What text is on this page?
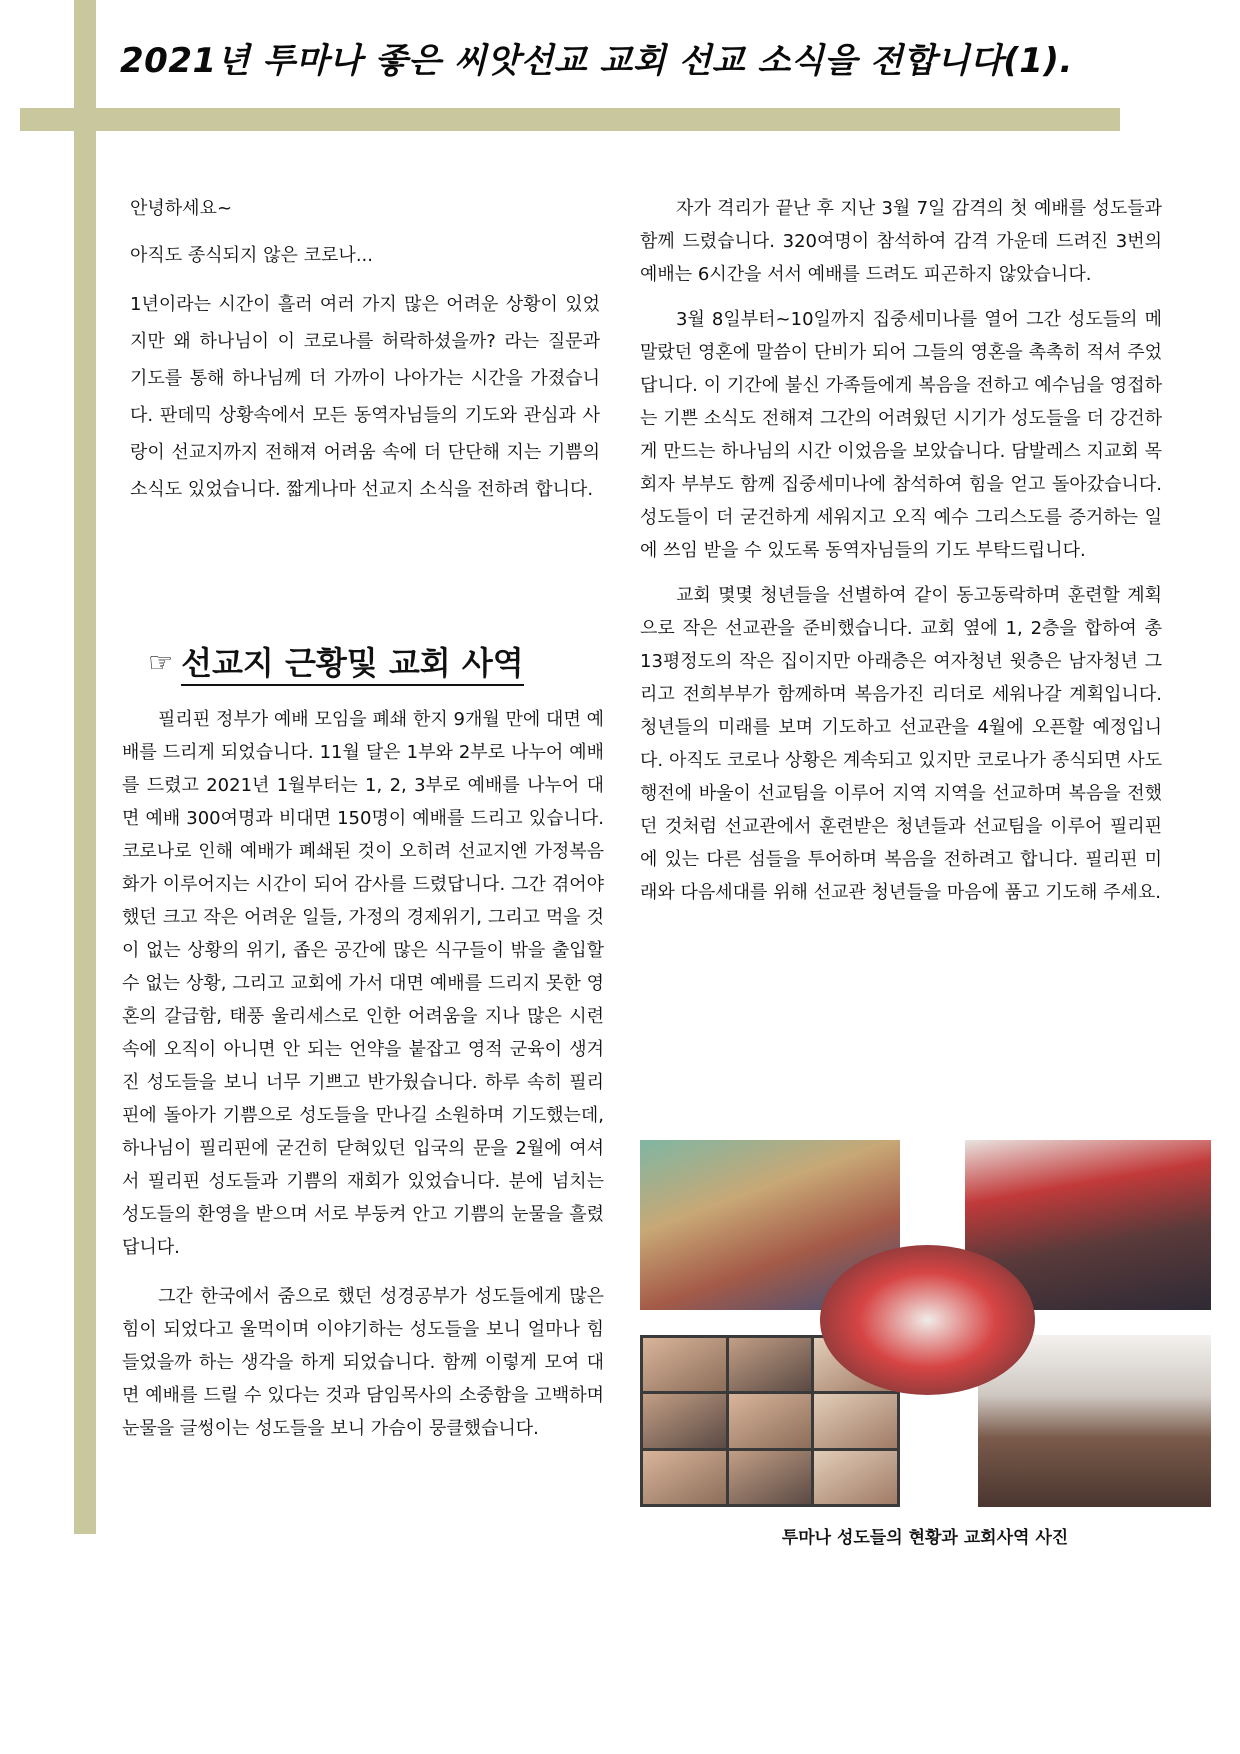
2021년 투마나 좋은 씨앗선교 교회 선교 소식을 전합니다(1).

안녕하세요~

아직도 종식되지 않은 코로나...

1년이라는 시간이 흘러 여러 가지 많은 어려운 상황이 있었지만 왜 하나님이 이 코로나를 허락하셨을까? 라는 질문과 기도를 통해 하나님께 더 가까이 나아가는 시간을 가졌습니다. 판데믹 상황속에서 모든 동역자님들의 기도와 관심과 사랑이 선교지까지 전해져 어려움 속에 더 단단해 지는 기쁨의 소식도 있었습니다. 짧게나마 선교지 소식을 전하려 합니다.

☞ 선교지 근황및 교회 사역

필리핀 정부가 예배 모임을 폐쇄 한지 9개월 만에 대면 예배를 드리게 되었습니다. 11월 달은 1부와 2부로 나누어 예배를 드렸고 2021년 1월부터는 1, 2, 3부로 예배를 나누어 대면 예배 300여명과 비대면 150명이 예배를 드리고 있습니다. 코로나로 인해 예배가 폐쇄된 것이 오히려 선교지엔 가정복음화가 이루어지는 시간이 되어 감사를 드렸답니다. 그간 겪어야 했던 크고 작은 어려운 일들, 가정의 경제위기, 그리고 먹을 것이 없는 상황의 위기, 좁은 공간에 많은 식구들이 밖을 출입할 수 없는 상황, 그리고 교회에 가서 대면 예배를 드리지 못한 영혼의 갈급함, 태풍 울리세스로 인한 어려움을 지나 많은 시련 속에 오직이 아니면 안 되는 언약을 붙잡고 영적 군육이 생겨진 성도들을 보니 너무 기쁘고 반가웠습니다. 하루 속히 필리핀에 돌아가 기쁨으로 성도들을 만나길 소원하며 기도했는데, 하나님이 필리핀에 굳건히 닫혀있던 입국의 문을 2월에 여셔서 필리핀 성도들과 기쁨의 재회가 있었습니다. 분에 넘치는 성도들의 환영을 받으며 서로 부둥켜 안고 기쁨의 눈물을 흘렸답니다.

그간 한국에서 줌으로 했던 성경공부가 성도들에게 많은 힘이 되었다고 울먹이며 이야기하는 성도들을 보니 얼마나 힘들었을까 하는 생각을 하게 되었습니다. 함께 이렇게 모여 대면 예배를 드릴 수 있다는 것과 담임목사의 소중함을 고백하며 눈물을 글썽이는 성도들을 보니 가슴이 뭉클했습니다.

자가 격리가 끝난 후 지난 3월 7일 감격의 첫 예배를 성도들과 함께 드렸습니다. 320여명이 참석하여 감격 가운데 드려진 3번의 예배는 6시간을 서서 예배를 드려도 피곤하지 않았습니다.

3월 8일부터~10일까지 집중세미나를 열어 그간 성도들의 메말랐던 영혼에 말씀이 단비가 되어 그들의 영혼을 촉촉히 적셔 주었답니다. 이 기간에 불신 가족들에게 복음을 전하고 예수님을 영접하는 기쁜 소식도 전해져 그간의 어려웠던 시기가 성도들을 더 강건하게 만드는 하나님의 시간 이었음을 보았습니다. 담발레스 지교회 목회자 부부도 함께 집중세미나에 참석하여 힘을 얻고 돌아갔습니다. 성도들이 더 굳건하게 세워지고 오직 예수 그리스도를 증거하는 일에 쓰임 받을 수 있도록 동역자님들의 기도 부탁드립니다.

교회 몇몇 청년들을 선별하여 같이 동고동락하며 훈련할 계획으로 작은 선교관을 준비했습니다. 교회 옆에 1, 2층을 합하여 총 13평정도의 작은 집이지만 아래층은 여자청년 윗층은 남자청년 그리고 전희부부가 함께하며 복음가진 리더로 세워나갈 계획입니다. 청년들의 미래를 보며 기도하고 선교관을 4월에 오픈할 예정입니다. 아직도 코로나 상황은 계속되고 있지만 코로나가 종식되면 사도행전에 바울이 선교팀을 이루어 지역 지역을 선교하며 복음을 전했던 것처럼 선교관에서 훈련받은 청년들과 선교팀을 이루어 필리핀에 있는 다른 섬들을 투어하며 복음을 전하려고 합니다. 필리핀 미래와 다음세대를 위해 선교관 청년들을 마음에 품고 기도해 주세요.

투마나 성도들의 현황과 교회사역 사진
